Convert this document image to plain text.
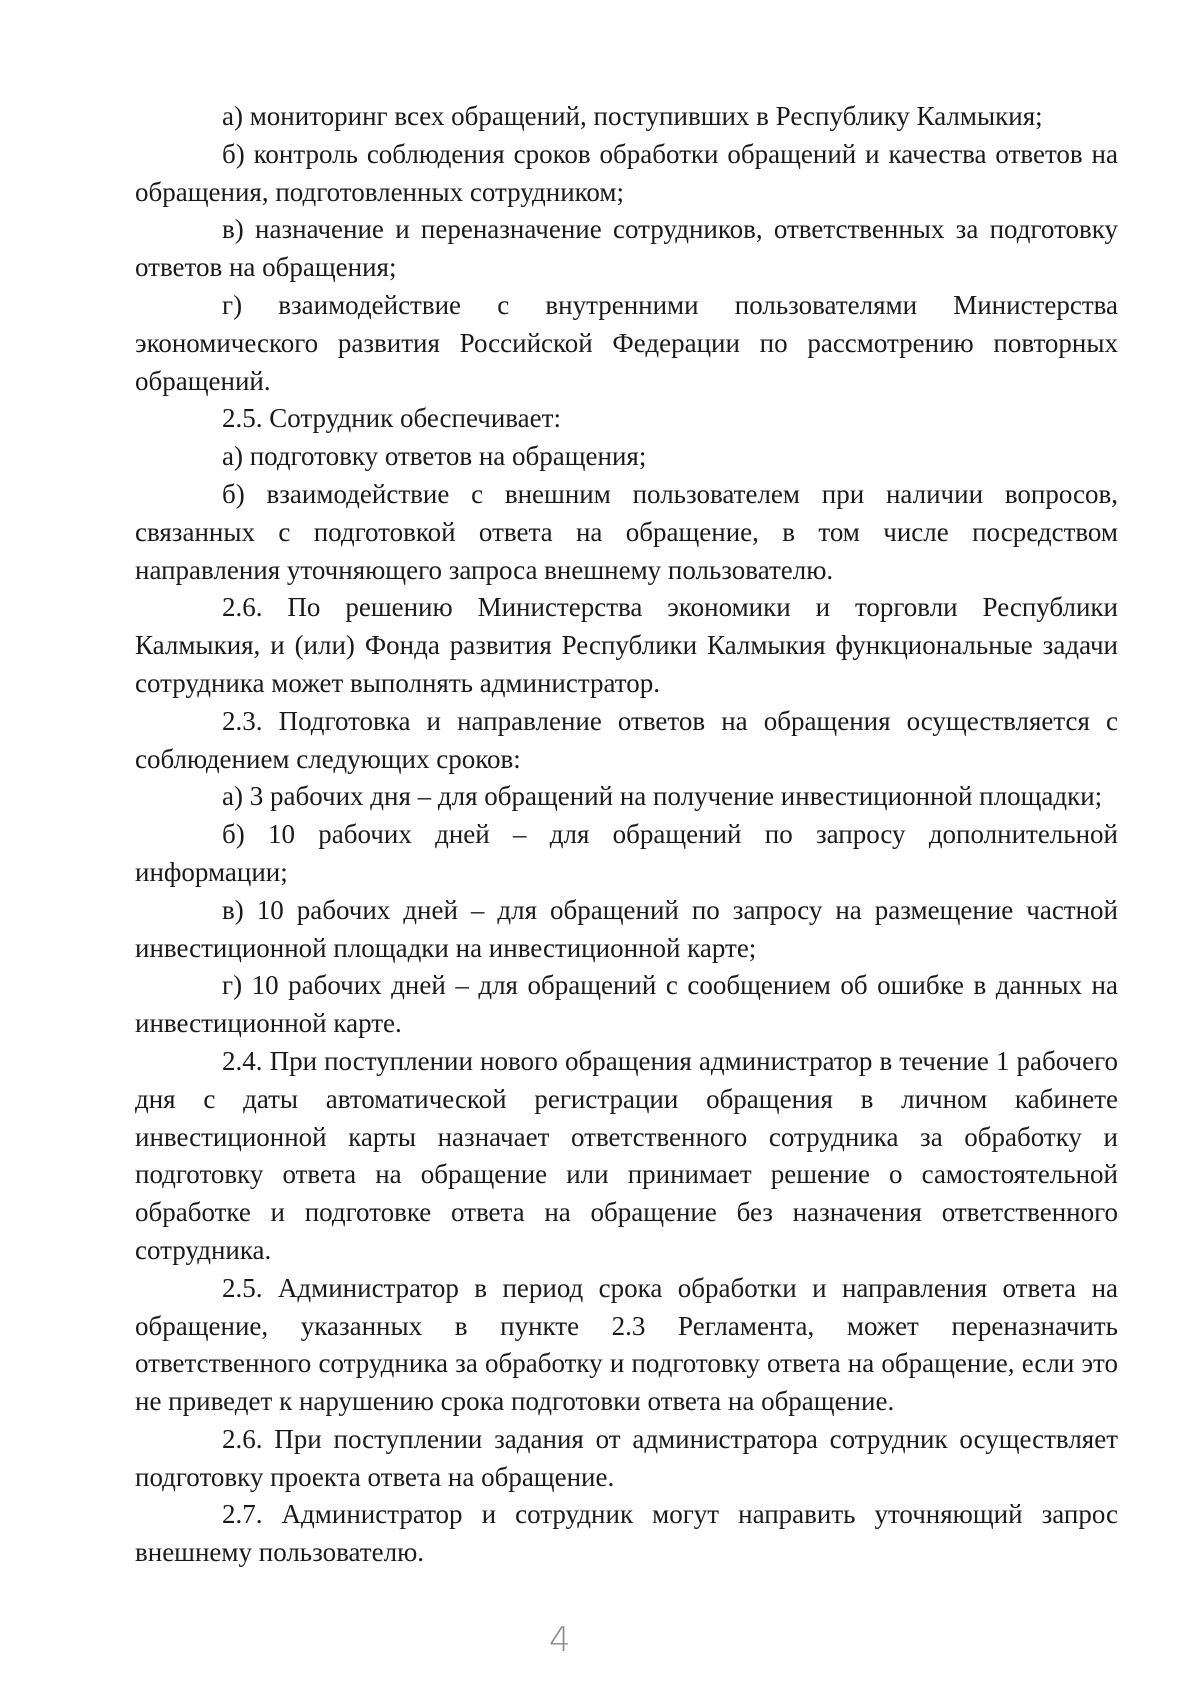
а) мониторинг всех обращений, поступивших в Республику Калмыкия;

б) контроль соблюдения сроков обработки обращений и качества ответов на обращения, подготовленных сотрудником;

в) назначение и переназначение сотрудников, ответственных за подготовку ответов на обращения;

г) взаимодействие с внутренними пользователями Министерства экономического развития Российской Федерации по рассмотрению повторных обращений.

2.5. Сотрудник обеспечивает:

а) подготовку ответов на обращения;

б) взаимодействие с внешним пользователем при наличии вопросов, связанных с подготовкой ответа на обращение, в том числе посредством направления уточняющего запроса внешнему пользователю.

2.6. По решению Министерства экономики и торговли Республики Калмыкия, и (или) Фонда развития Республики Калмыкия функциональные задачи сотрудника может выполнять администратор.

2.3. Подготовка и направление ответов на обращения осуществляется с соблюдением следующих сроков:

а) 3 рабочих дня – для обращений на получение инвестиционной площадки;

б) 10 рабочих дней – для обращений по запросу дополнительной информации;

в) 10 рабочих дней – для обращений по запросу на размещение частной инвестиционной площадки на инвестиционной карте;

г) 10 рабочих дней – для обращений с сообщением об ошибке в данных на инвестиционной карте.

2.4. При поступлении нового обращения администратор в течение 1 рабочего дня с даты автоматической регистрации обращения в личном кабинете инвестиционной карты назначает ответственного сотрудника за обработку и подготовку ответа на обращение или принимает решение о самостоятельной обработке и подготовке ответа на обращение без назначения ответственного сотрудника.

2.5. Администратор в период срока обработки и направления ответа на обращение, указанных в пункте 2.3 Регламента, может переназначить ответственного сотрудника за обработку и подготовку ответа на обращение, если это не приведет к нарушению срока подготовки ответа на обращение.

2.6. При поступлении задания от администратора сотрудник осуществляет подготовку проекта ответа на обращение.

2.7. Администратор и сотрудник могут направить уточняющий запрос внешнему пользователю.

4
